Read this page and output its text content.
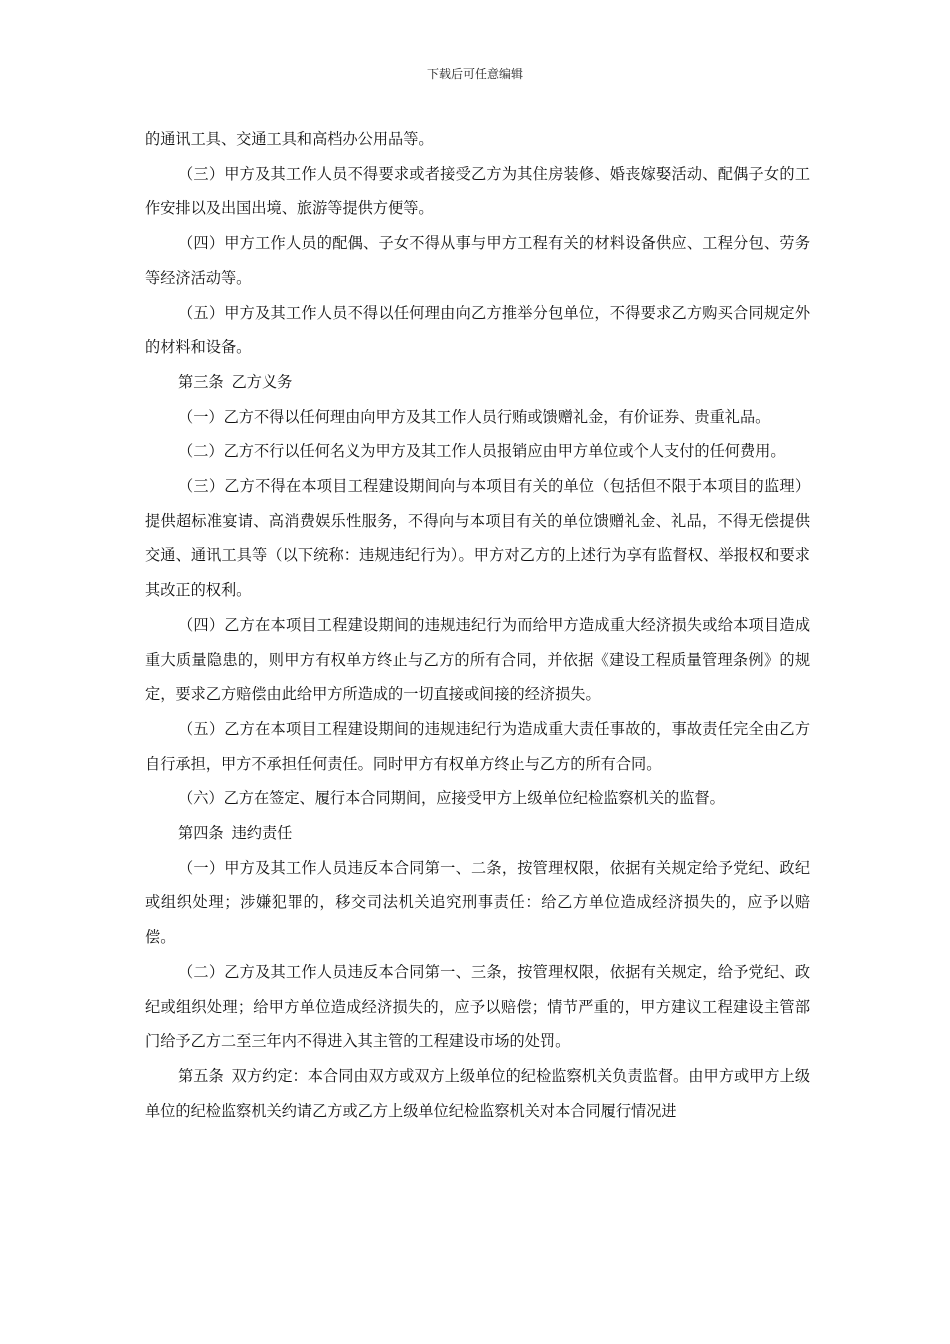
下载后可任意编辑

的通讯工具、交通工具和高档办公用品等。

（三）甲方及其工作人员不得要求或者接受乙方为其住房装修、婚丧嫁娶活动、配偶子女的工作安排以及出国出境、旅游等提供方便等。

（四）甲方工作人员的配偶、子女不得从事与甲方工程有关的材料设备供应、工程分包、劳务等经济活动等。

（五）甲方及其工作人员不得以任何理由向乙方推举分包单位，不得要求乙方购买合同规定外的材料和设备。

第三条 乙方义务

（一）乙方不得以任何理由向甲方及其工作人员行贿或馈赠礼金，有价证券、贵重礼品。

（二）乙方不行以任何名义为甲方及其工作人员报销应由甲方单位或个人支付的任何费用。

（三）乙方不得在本项目工程建设期间向与本项目有关的单位（包括但不限于本项目的监理）提供超标准宴请、高消费娱乐性服务，不得向与本项目有关的单位馈赠礼金、礼品，不得无偿提供交通、通讯工具等（以下统称：违规违纪行为）。甲方对乙方的上述行为享有监督权、举报权和要求其改正的权利。

（四）乙方在本项目工程建设期间的违规违纪行为而给甲方造成重大经济损失或给本项目造成重大质量隐患的，则甲方有权单方终止与乙方的所有合同，并依据《建设工程质量管理条例》的规定，要求乙方赔偿由此给甲方所造成的一切直接或间接的经济损失。

（五）乙方在本项目工程建设期间的违规违纪行为造成重大责任事故的，事故责任完全由乙方自行承担，甲方不承担任何责任。同时甲方有权单方终止与乙方的所有合同。

（六）乙方在签定、履行本合同期间，应接受甲方上级单位纪检监察机关的监督。

第四条 违约责任

（一）甲方及其工作人员违反本合同第一、二条，按管理权限，依据有关规定给予党纪、政纪或组织处理；涉嫌犯罪的，移交司法机关追究刑事责任：给乙方单位造成经济损失的，应予以赔偿。

（二）乙方及其工作人员违反本合同第一、三条，按管理权限，依据有关规定，给予党纪、政纪或组织处理；给甲方单位造成经济损失的，应予以赔偿；情节严重的，甲方建议工程建设主管部门给予乙方二至三年内不得进入其主管的工程建设市场的处罚。

第五条 双方约定：本合同由双方或双方上级单位的纪检监察机关负责监督。由甲方或甲方上级单位的纪检监察机关约请乙方或乙方上级单位纪检监察机关对本合同履行情况进
